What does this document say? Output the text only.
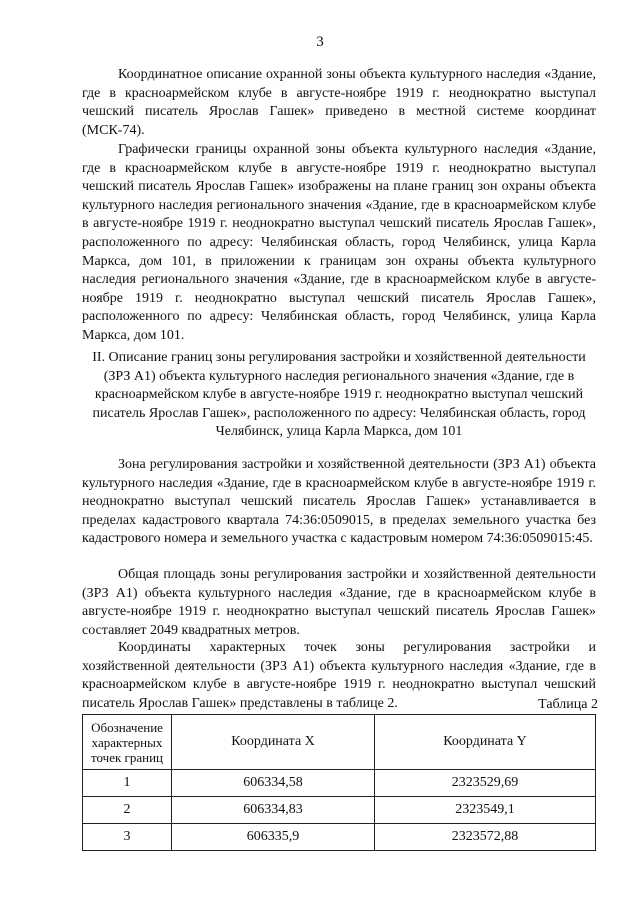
3

Координатное описание охранной зоны объекта культурного наследия «Здание, где в красноармейском клубе в августе-ноябре 1919 г. неоднократно выступал чешский писатель Ярослав Гашек» приведено в местной системе координат (МСК-74).

Графически границы охранной зоны объекта культурного наследия «Здание, где в красноармейском клубе в августе-ноябре 1919 г. неоднократно выступал чешский писатель Ярослав Гашек» изображены на плане границ зон охраны объекта культурного наследия регионального значения «Здание, где в красноармейском клубе в августе-ноябре 1919 г. неоднократно выступал чешский писатель Ярослав Гашек», расположенного по адресу: Челябинская область, город Челябинск, улица Карла Маркса, дом 101, в приложении к границам зон охраны объекта культурного наследия регионального значения «Здание, где в красноармейском клубе в августе-ноябре 1919 г. неоднократно выступал чешский писатель Ярослав Гашек», расположенного по адресу: Челябинская область, город Челябинск, улица Карла Маркса, дом 101.

II. Описание границ зоны регулирования застройки и хозяйственной деятельности (ЗРЗ А1) объекта культурного наследия регионального значения «Здание, где в красноармейском клубе в августе-ноябре 1919 г. неоднократно выступал чешский писатель Ярослав Гашек», расположенного по адресу: Челябинская область, город Челябинск, улица Карла Маркса, дом 101

Зона регулирования застройки и хозяйственной деятельности (ЗРЗ А1) объекта культурного наследия «Здание, где в красноармейском клубе в августе-ноябре 1919 г. неоднократно выступал чешский писатель Ярослав Гашек» устанавливается в пределах кадастрового квартала 74:36:0509015, в пределах земельного участка без кадастрового номера и земельного участка с кадастровым номером 74:36:0509015:45.

Общая площадь зоны регулирования застройки и хозяйственной деятельности (ЗРЗ А1) объекта культурного наследия «Здание, где в красноармейском клубе в августе-ноябре 1919 г. неоднократно выступал чешский писатель Ярослав Гашек» составляет 2049 квадратных метров.

Координаты характерных точек зоны регулирования застройки и хозяйственной деятельности (ЗРЗ А1) объекта культурного наследия «Здание, где в красноармейском клубе в августе-ноябре 1919 г. неоднократно выступал чешский писатель Ярослав Гашек» представлены в таблице 2.	Таблица 2
Обозначение характерных точек границ	Координата X	Координата Y
1	606334,58	2323529,69
2	606334,83	2323549,1
3	606335,9	2323572,88
